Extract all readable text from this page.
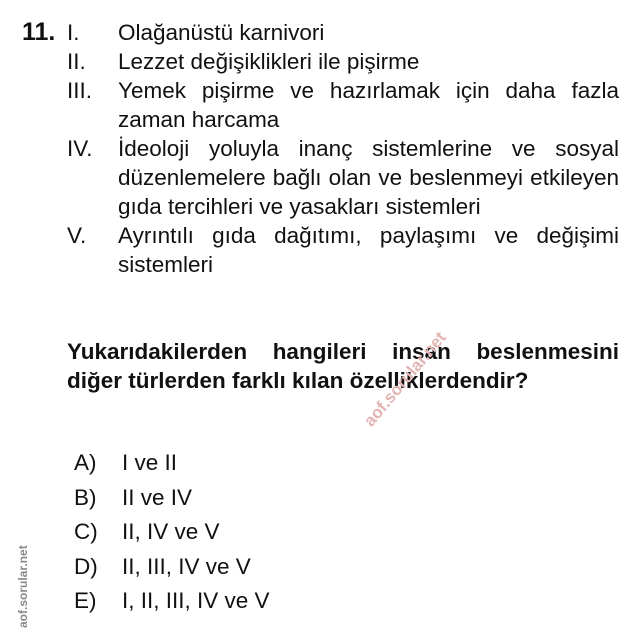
11. I.	Olağanüstü karnivori
II.	Lezzet değişiklikleri ile pişirme
III.	Yemek pişirme ve hazırlamak için daha fazla zaman harcama
IV.	İdeoloji yoluyla inanç sistemlerine ve sosyal düzenlemelere bağlı olan ve beslenmeyi etkileyen gıda tercihleri ve yasakları sistemleri
V.	Ayrıntılı gıda dağıtımı, paylaşımı ve değişimi sistemleri
Yukarıdakilerden hangileri insan beslenmesini diğer türlerden farklı kılan özelliklerdendir?
A)	I ve II
B)	II ve IV
C)	II, IV ve V
D)	II, III, IV ve V
E)	I, II, III, IV ve V
aof.sorular.net
aof.sorular.net
